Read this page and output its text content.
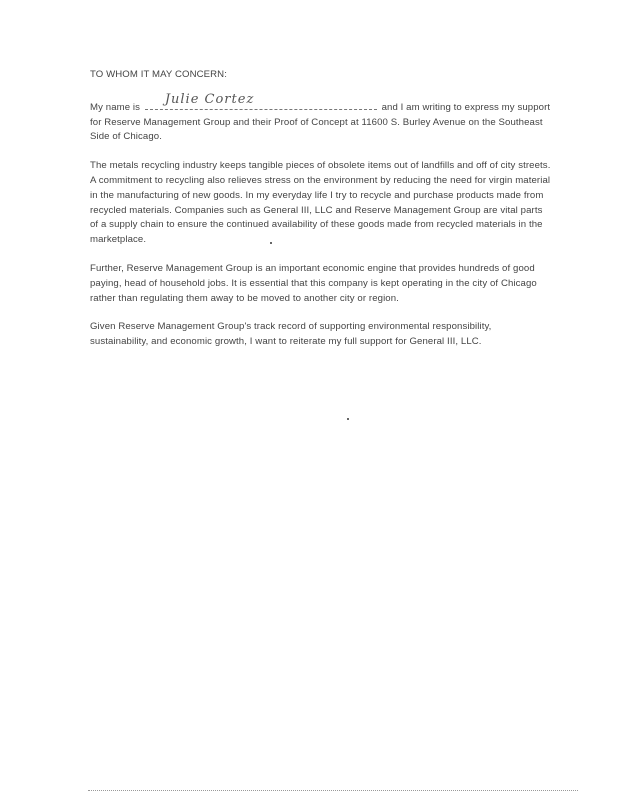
TO WHOM IT MAY CONCERN:

My name is
Julie Cortez
and I am writing to express my support for Reserve Management Group and their Proof of Concept at 11600 S. Burley Avenue on the Southeast Side of Chicago.

The metals recycling industry keeps tangible pieces of obsolete items out of landfills and off of city streets. A commitment to recycling also relieves stress on the environment by reducing the need for virgin material in the manufacturing of new goods. In my everyday life I try to recycle and purchase products made from recycled materials. Companies such as General III, LLC and Reserve Management Group are vital parts of a supply chain to ensure the continued availability of these goods made from recycled materials in the marketplace.

Further, Reserve Management Group is an important economic engine that provides hundreds of good paying, head of household jobs. It is essential that this company is kept operating in the city of Chicago rather than regulating them away to be moved to another city or region.

Given Reserve Management Group's track record of supporting environmental responsibility, sustainability, and economic growth, I want to reiterate my full support for General III, LLC.
